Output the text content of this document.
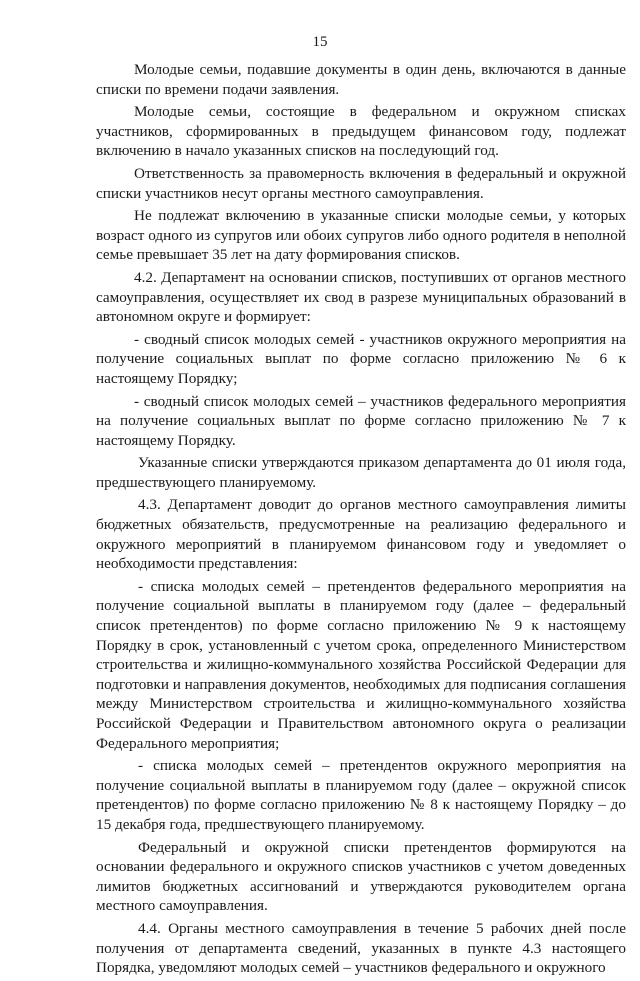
15

Молодые семьи, подавшие документы в один день, включаются в данные списки по времени подачи заявления.

Молодые семьи, состоящие в федеральном и окружном списках участников, сформированных в предыдущем финансовом году, подлежат включению в начало указанных списков на последующий год.

Ответственность за правомерность включения в федеральный и окружной списки участников несут органы местного самоуправления.

Не подлежат включению в указанные списки молодые семьи, у которых возраст одного из супругов или обоих супругов либо одного родителя в неполной семье превышает 35 лет на дату формирования списков.

4.2. Департамент на основании списков, поступивших от органов местного самоуправления, осуществляет их свод в разрезе муниципальных образований в автономном округе и формирует:

- сводный список молодых семей - участников окружного мероприятия на получение социальных выплат по форме согласно приложению № 6 к настоящему Порядку;

- сводный список молодых семей – участников федерального мероприятия на получение социальных выплат по форме согласно приложению № 7 к настоящему Порядку.

Указанные списки утверждаются приказом департамента до 01 июля года, предшествующего планируемому.

4.3. Департамент доводит до органов местного самоуправления лимиты бюджетных обязательств, предусмотренные на реализацию федерального и окружного мероприятий в планируемом финансовом году и уведомляет о необходимости представления:

- списка молодых семей – претендентов федерального мероприятия на получение социальной выплаты в планируемом году (далее – федеральный список претендентов) по форме согласно приложению № 9 к настоящему Порядку в срок, установленный с учетом срока, определенного Министерством строительства и жилищно-коммунального хозяйства Российской Федерации для подготовки и направления документов, необходимых для подписания соглашения между Министерством строительства и жилищно-коммунального хозяйства Российской Федерации и Правительством автономного округа о реализации Федерального мероприятия;

- списка молодых семей – претендентов окружного мероприятия на получение социальной выплаты в планируемом году (далее – окружной список претендентов) по форме согласно приложению № 8 к настоящему Порядку – до 15 декабря года, предшествующего планируемому.

Федеральный и окружной списки претендентов формируются на основании федерального и окружного списков участников с учетом доведенных лимитов бюджетных ассигнований и утверждаются руководителем органа местного самоуправления.

4.4. Органы местного самоуправления в течение 5 рабочих дней после получения от департамента сведений, указанных в пункте 4.3 настоящего Порядка, уведомляют молодых семей – участников федерального и окружного
